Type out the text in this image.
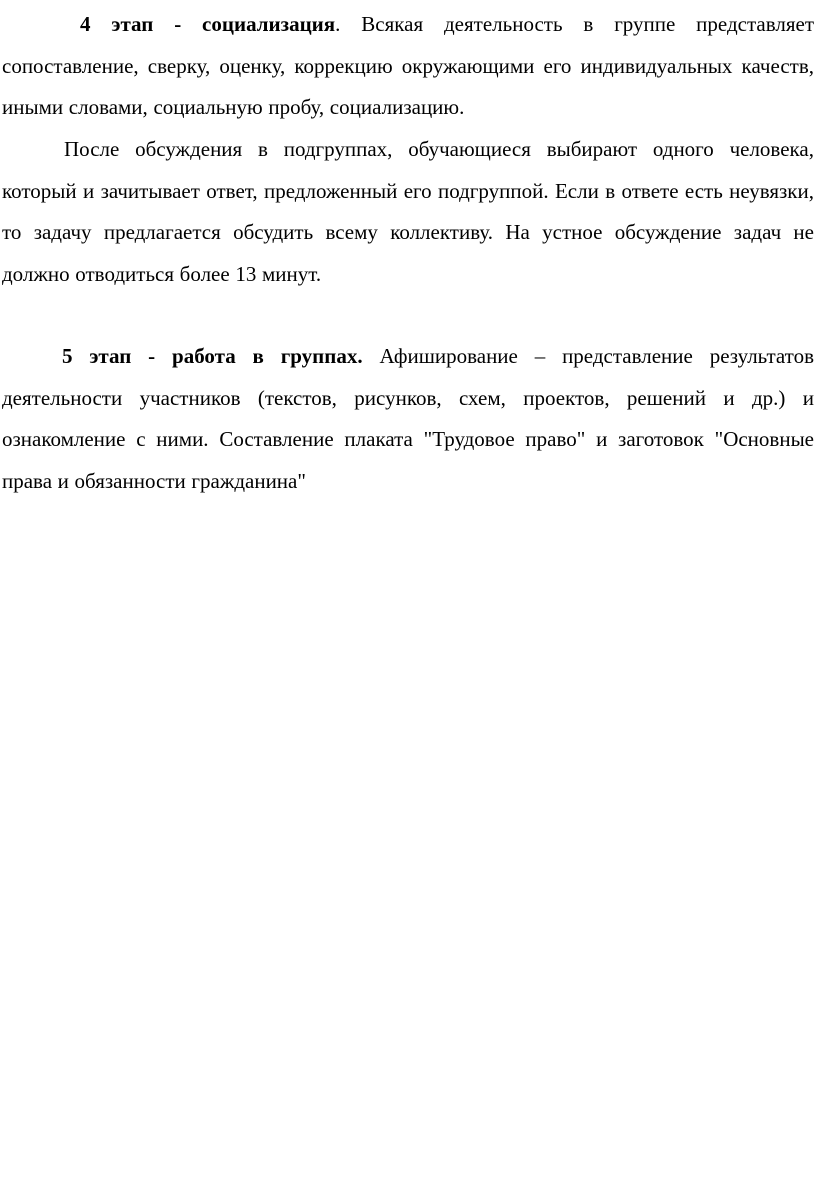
4 этап - социализация. Всякая деятельность в группе представляет сопоставление, сверку, оценку, коррекцию окружающими его индивидуальных качеств, иными словами, социальную пробу, социализацию.

После обсуждения в подгруппах, обучающиеся выбирают одного человека, который и зачитывает ответ, предложенный его подгруппой. Если в ответе есть неувязки, то задачу предлагается обсудить всему коллективу. На устное обсуждение задач не должно отводиться более 13 минут.

5 этап - работа в группах. Афиширование – представление результатов деятельности участников (текстов, рисунков, схем, проектов, решений и др.) и ознакомление с ними. Составление плаката "Трудовое право" и заготовок "Основные права и обязанности гражданина"
